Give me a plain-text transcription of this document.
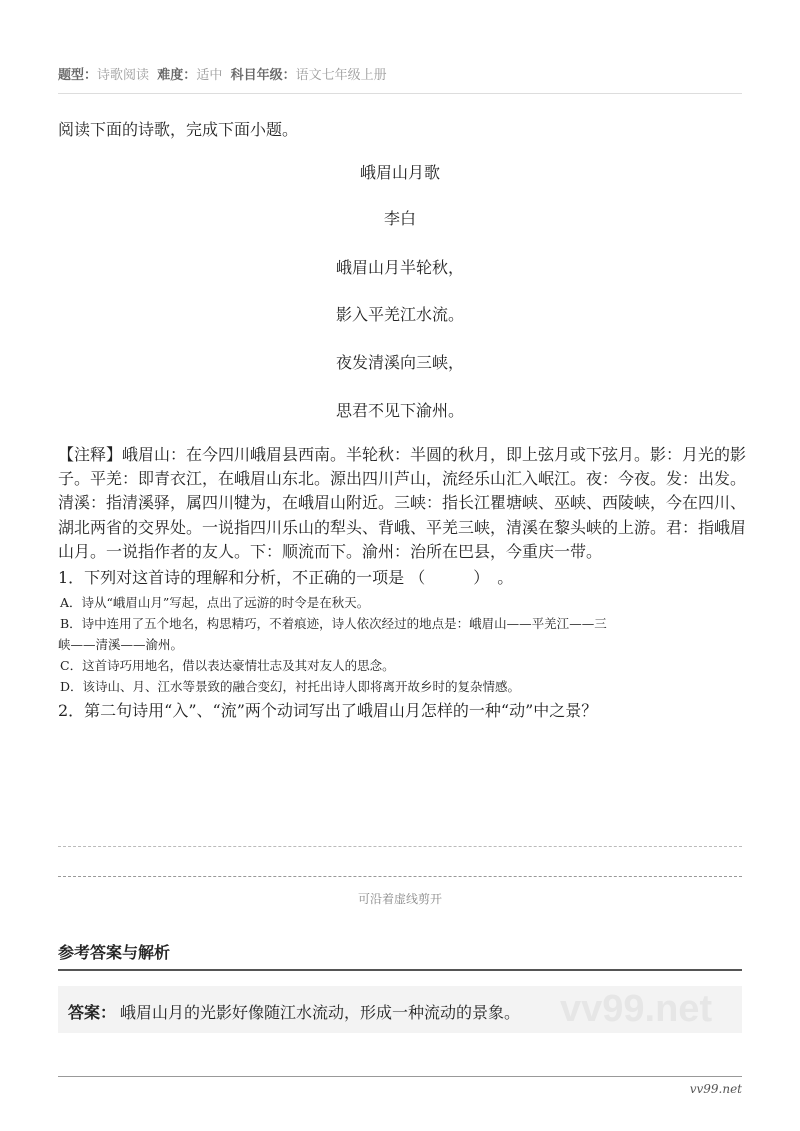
题型：诗歌阅读 难度：适中 科目年级：语文七年级上册
阅读下面的诗歌，完成下面小题。
峨眉山月歌
李白
峨眉山月半轮秋，
影入平羌江水流。
夜发清溪向三峡，
思君不见下渝州。
【注释】峨眉山：在今四川峨眉县西南。半轮秋：半圆的秋月，即上弦月或下弦月。影：月光的影子。平羌：即青衣江，在峨眉山东北。源出四川芦山，流经乐山汇入岷江。夜：今夜。发：出发。清溪：指清溪驿，属四川犍为，在峨眉山附近。三峡：指长江瞿塘峡、巫峡、西陵峡，今在四川、湖北两省的交界处。一说指四川乐山的犁头、背峨、平羌三峡，清溪在黎头峡的上游。君：指峨眉山月。一说指作者的友人。下：顺流而下。渝州：治所在巴县，今重庆一带。
1．下列对这首诗的理解和分析，不正确的一项是 （　　　）　。
A．诗从“峨眉山月”写起，点出了远游的时令是在秋天。
B．诗中连用了五个地名，构思精巧，不着痕迹，诗人依次经过的地点是：峨眉山——平羌江——三
峡——清溪——渝州。
C．这首诗巧用地名，借以表达豪情壮志及其对友人的思念。
D．该诗山、月、江水等景致的融合变幻，衬托出诗人即将离开故乡时的复杂情感。
2．第二句诗用“入”、“流”两个动词写出了峨眉山月怎样的一种“动”中之景？
可沿着虚线剪开
参考答案与解析
vv99.net
答案： 峨眉山月的光影好像随江水流动，形成一种流动的景象。
vv99.net
